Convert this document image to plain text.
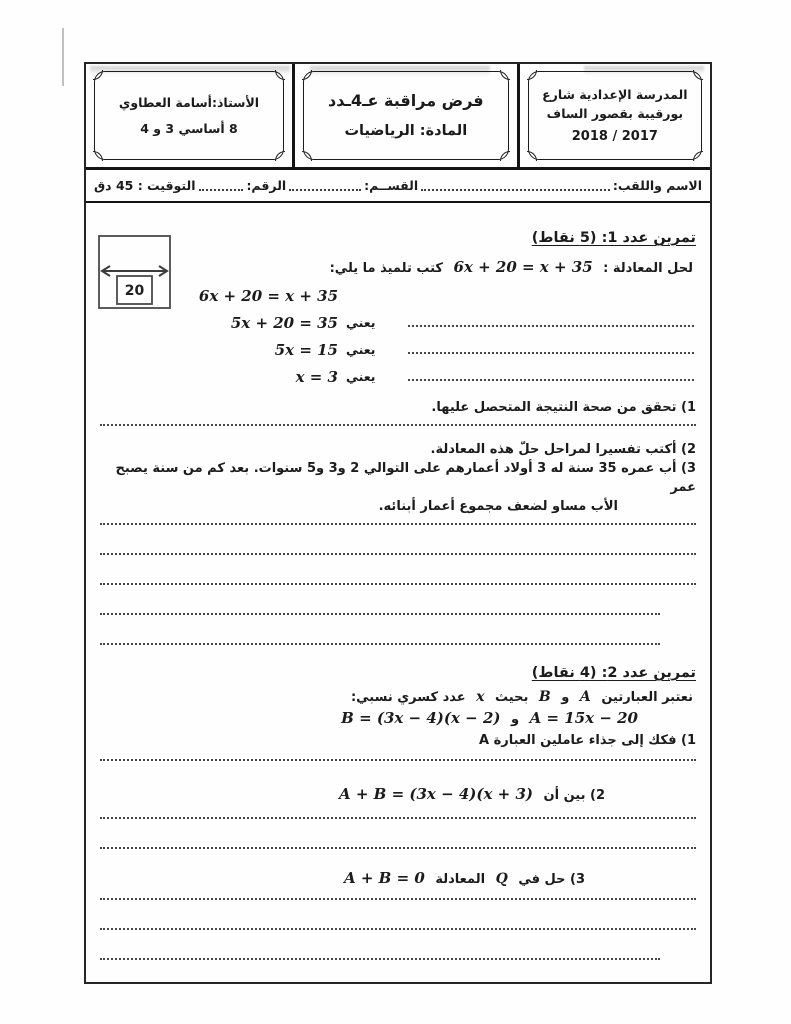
المدرسة الإعدادية شارع
بورقيبة بقصور الساف
2018 / 2017
فرض مراقبة عـ4ـدد
المادة: الرياضيات
الأستاذ:أسامة العطاوي
8 أساسي 3 و 4
الاسم واللقب:
القســم:
الرقم:
التوقيت : 45 دق
20
تمرين عدد 1: (5 نقاط)
لحل المعادلة : 6x + 20 = x + 35 كتب تلميذ ما يلي:
6x + 20 = x + 35
5x + 20 = 35 يعني
5x = 15 يعني
x = 3 يعني
1) تحقق من صحة النتيجة المتحصل عليها.
2) أكتب تفسيرا لمراحل حلّ هذه المعادلة.
3) أب عمره 35 سنة له 3 أولاد أعمارهم على التوالي 2 و3 و5 سنوات. بعد كم من سنة يصبح عمر
الأب مساو لضعف مجموع أعمار أبنائه.
تمرين عدد 2: (4 نقاط)
نعتبر العبارتين A و B بحيث x عدد كسري نسبي:
A = 15x − 20 و B = (3x − 4)(x − 2)
1) فكك إلى جذاء عاملين العبارة A
2) بين أن A + B = (3x − 4)(x + 3)
3) حل في Q المعادلة A + B = 0
